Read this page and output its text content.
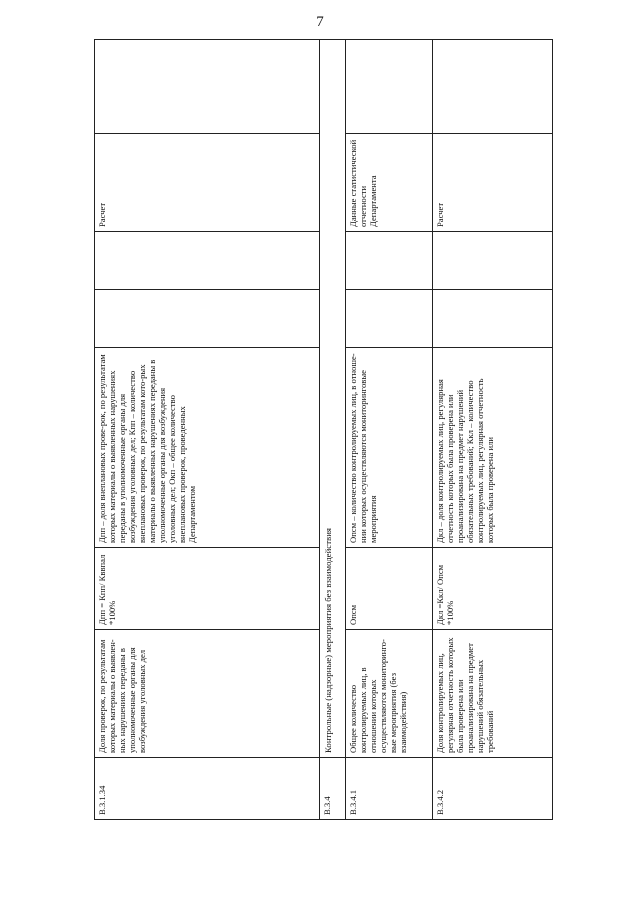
7
В.3.1.34	Доля проверок, по результатам которых материалы о выявлен-ных нарушениях переданы в уполномоченные органы для возбуждения уголовных дел	Дпп = Кпп/ Кввпал *100%	Дпп – доля внеплановых прове-рок, по результатам которых материалы о выявленных нарушениях переданы в уполномоченные органы для возбуждения уголовных дел; Кпп – количество внеплановых проверок, по результатам кото-рых материалы о выявленных нарушениях переданы в уполномоченные органы для возбуждения уголовных дел; Окп – общее количество внеплановых проверок, проведенных Департаментом			Расчет	
В.3.4	Контрольные (надзорные) мероприятия без взаимодействия						
В.3.4.1	Общее количество контролируемых лиц, в отношении которых осуществляются мониторинго-вые мероприятия (без взаимодействия)	Опсм	Опсм – количество контролируемых лиц, в отноше-нии которых осуществляются мониторинговые мероприятия			Данные статистической отчетности Департамента	
В.3.4.2	Доля контролируемых лиц, регулярная отчетность которых была проверена или проанализирована на предмет нарушений обязательных требований	Дкл =Ккл/ Опсм *100%	Дкл – доля контролируемых лиц, регулярная отчетность которых была проверена или проанализирована на предмет нарушений обязательных требований; Ккл – количество контролируемых лиц, регулярная отчетность которых была проверена или			Расчет	
